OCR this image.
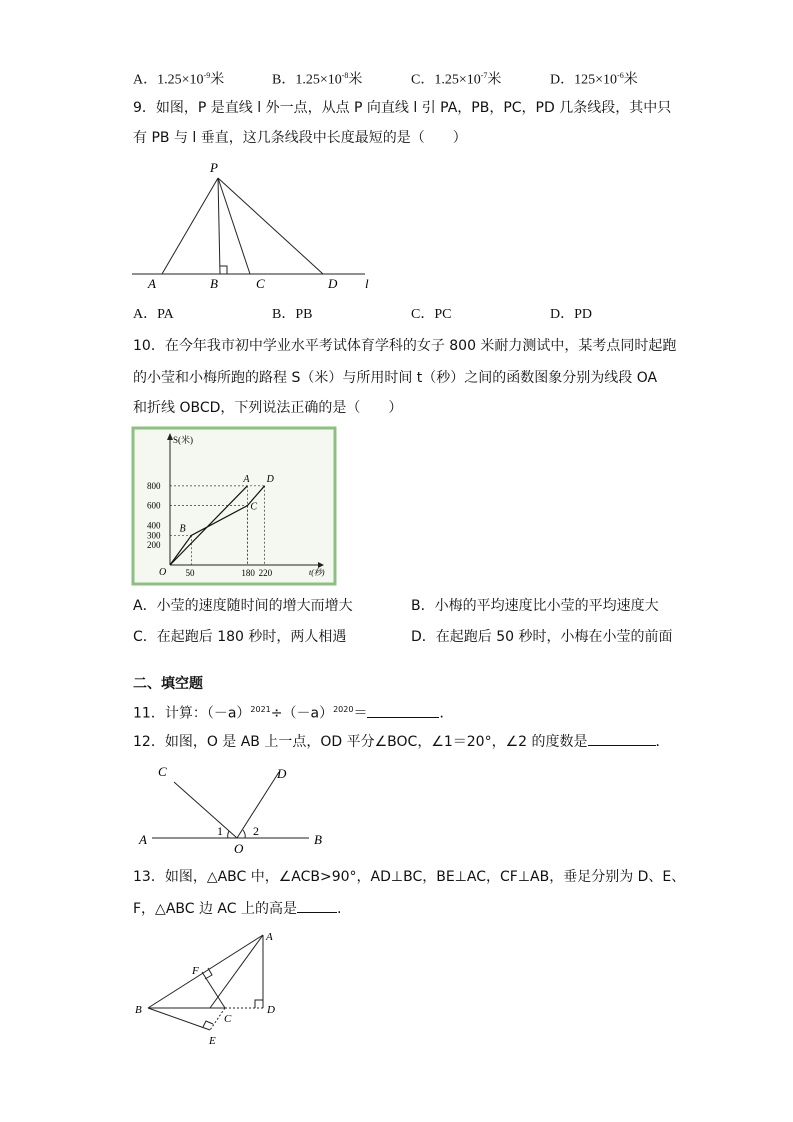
A．$1.25\times 10^{-9}$米	B．$1.25\times 10^{-8}$米	C．$1.25\times 10^{-7}$米	D．$125\times 10^{-6}$米
9．如图，P 是直线 l 外一点，从点 P 向直线 l 引 PA，PB，PC，PD 几条线段，其中只
有 PB 与 l 垂直，这几条线段中长度最短的是（　　）
P
A	B	C	D l
A．PA	B．PB	C．PC	D．PD
10．在今年我市初中学业水平考试体育学科的女子 800 米耐力测试中，某考点同时起跑
的小莹和小梅所跑的路程 S（米）与所用时间 t（秒）之间的函数图象分别为线段 OA
和折线 OBCD，下列说法正确的是（　　）
S(米)
t(秒)
O
200
300
400
600
800
50	180 220
A
B
C
D
A．小莹的速度随时间的增大而增大	B．小梅的平均速度比小莹的平均速度大
C．在起跑后 180 秒时，两人相遇	D．在起跑后 50 秒时，小梅在小莹的前面
二、填空题
11．计算：$(-a)^{2021}\div(-a)^{2020}=$	．
12．如图，O 是 AB 上一点，OD 平分∠BOC，∠1＝20°，∠2 的度数是	．
C	D
A	B
O
1	2
13．如图，△ABC 中，∠ACB>90°，AD⊥BC，BE⊥AC，CF⊥AB，垂足分别为 D、E、
F，△ABC 边 AC 上的高是	.
A
F
B
C
D
E
